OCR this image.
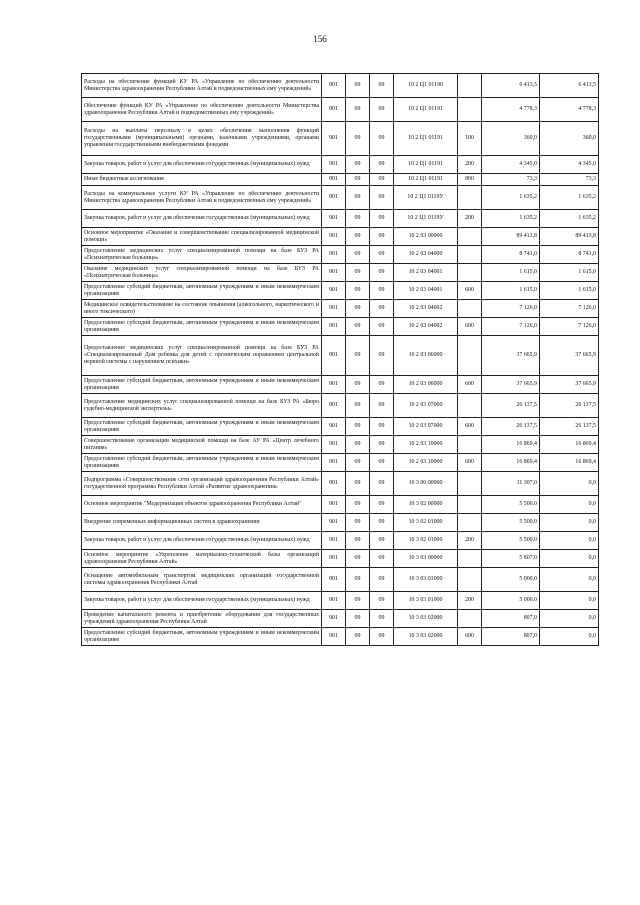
156
Расходы на обеспечение функций КУ РА «Управление по обеспечению деятельности Министерства здравоохранения Республики Алтай и подведомственных ему учреждений»	901	09	09	10 2 Ц1 01190		6 413,5	6 413,5
Обеспечение функций КУ РА «Управление по обеспечению деятельности Министерства здравоохранения Республики Алтай и подведомственных ему учреждений»	901	09	09	10 2 Ц1 01191		4 778,3	4 778,3
Расходы на выплаты персоналу в целях обеспечения выполнения функций государственными (муниципальными) органами, казенными учреждениями, органами управления государственными внебюджетными фондами	901	09	09	10 2 Ц1 01191	100	360,0	360,0
Закупка товаров, работ и услуг для обеспечения государственных (муниципальных) нужд	901	09	09	10 2 Ц1 01191	200	4 345,0	4 345,0
Иные бюджетные ассигнования	901	09	09	10 2 Ц1 01191	800	73,3	73,3
Расходы на коммунальные услуги КУ РА «Управление по обеспечению деятельности Министерства здравоохранения Республики Алтай и подведомственных ему учреждений»	901	09	09	10 2 Ц1 0119У		1 635,2	1 635,2
Закупка товаров, работ и услуг для обеспечения государственных (муниципальных) нужд	901	09	09	10 2 Ц1 0119У	200	1 635,2	1 635,2
Основное мероприятие «Оказание и совершенствование специализированной медицинской помощи»	901	09	09	10 2 03 00000		89 413,8	89 413,8
Предоставление медицинских услуг специализированной помощи на базе БУЗ РА «Психиатрическая больница»	901	09	09	10 2 03 04000		8 741,0	8 741,0
Оказание медицинских услуг специализированной помощи на базе БУЗ РА «Психиатрическая больница»	901	09	09	10 2 03 04001		1 615,0	1 615,0
Предоставление субсидий бюджетным, автономным учреждениям и иным некоммерческим организациям	901	09	09	10 2 03 04001	600	1 615,0	1 615,0
Медицинское освидетельствование на состояние опьянения (алкогольного, наркотического и иного токсического)	901	09	09	10 2 03 04002		7 126,0	7 126,0
Предоставление субсидий бюджетным, автономным учреждениям и иным некоммерческим организациям	901	09	09	10 2 03 04002	600	7 126,0	7 126,0
Предоставление медицинских услуг специализированной помощи на базе БУЗ РА «Специализированный Дом ребенка для детей с органическим поражением центральной нервной системы с нарушением психики»	901	09	09	10 2 03 06000		37 665,9	37 665,9
Предоставление субсидий бюджетным, автономным учреждениям и иным некоммерческим организациям	901	09	09	10 2 03 06000	600	37 665,9	37 665,9
Предоставление медицинских услуг специализированной помощи на базе БУЗ РА «Бюро судебно-медицинской экспертизы»	901	09	09	10 2 03 07000		26 137,5	26 137,5
Предоставление субсидий бюджетным, автономным учреждениям и иным некоммерческим организациям	901	09	09	10 2 03 07000	600	26 137,5	26 137,5
Совершенствование организации медицинской помощи на базе АУ РА «Центр лечебного питания»	901	09	09	10 2 03 10000		16 869,4	16 869,4
Предоставление субсидий бюджетным, автономным учреждениям и иным некоммерческим организациям	901	09	09	10 2 03 10000	600	16 869,4	16 869,4
Подпрограмма «Совершенствование сети организаций здравоохранения Республики Алтай» государственной программы Республики Алтай «Развитие здравоохранения»	901	09	09	10 3 00 00000		11 307,0	0,0
Основное мероприятие "Модернизация объектов здравоохранения Республики Алтай"	901	09	09	10 3 02 00000		5 500,0	0,0
Внедрение современных информационных систем в здравоохранении	901	09	09	10 3 02 01000		5 500,0	0,0
Закупка товаров, работ и услуг для обеспечения государственных (муниципальных) нужд	901	09	09	10 3 02 01000	200	5 500,0	0,0
Основное мероприятие «Укрепление материально-технической базы организаций здравоохранения Республики Алтай»	901	09	09	10 3 03 00000		5 807,0	0,0
Оснащение автомобильным транспортом медицинских организаций государственной системы здравоохранения Республики Алтай	901	09	09	10 3 03 01000		5 000,0	0,0
Закупка товаров, работ и услуг для обеспечения государственных (муниципальных) нужд	901	09	09	10 3 03 01000	200	5 000,0	0,0
Проведение капитального ремонта и приобретение оборудования для государственных учреждений здравоохранения Республики Алтай	901	09	09	10 3 03 02000		807,0	0,0
Предоставление субсидий бюджетным, автономным учреждениям и иным некоммерческим организациям	901	09	09	10 3 03 02000	600	807,0	0,0
